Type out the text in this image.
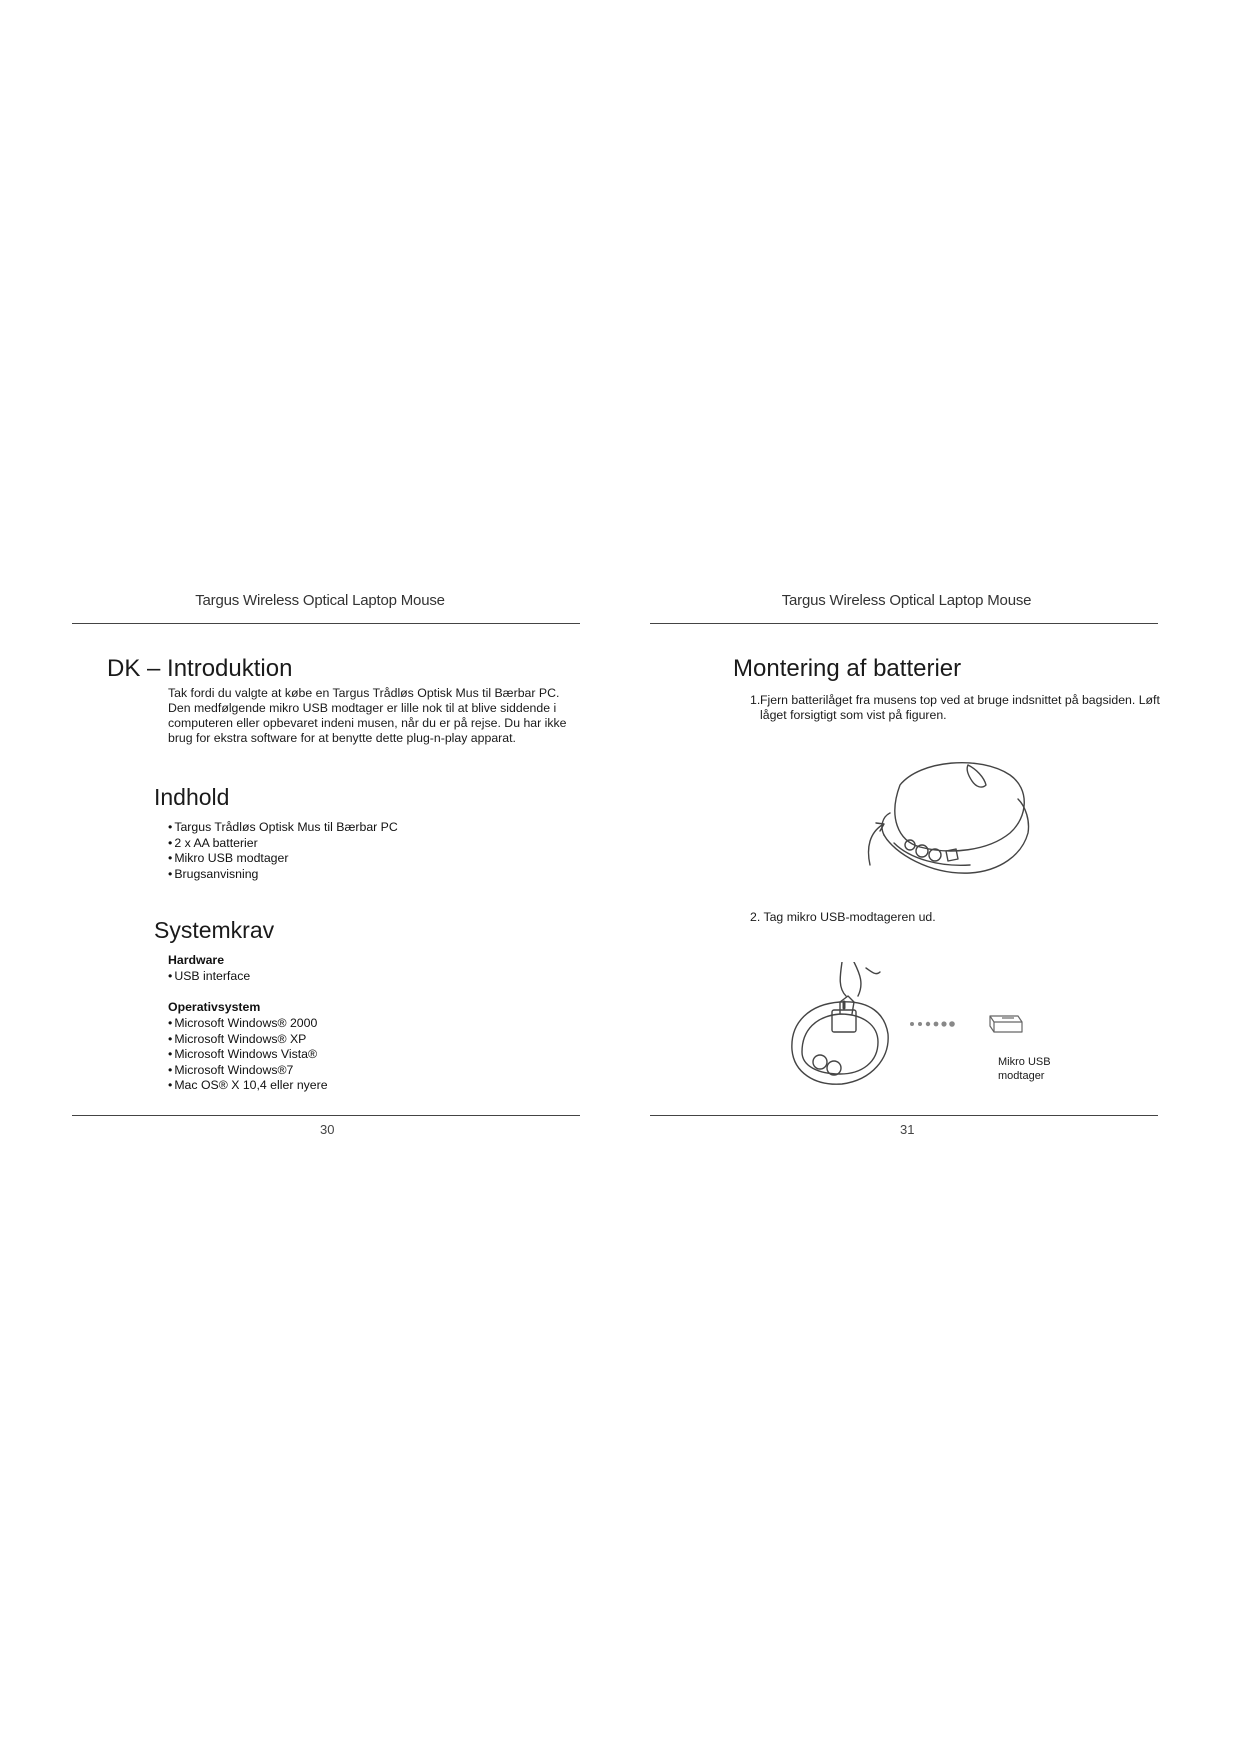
Targus Wireless Optical Laptop Mouse
DK – Introduktion
Tak fordi du valgte at købe en Targus Trådløs Optisk Mus til Bærbar PC.
Den medfølgende mikro USB modtager er lille nok til at blive siddende i
computeren eller opbevaret indeni musen, når du er på rejse. Du har ikke
brug for ekstra software for at benytte dette plug-n-play apparat.
Indhold
• Targus Trådløs Optisk Mus til Bærbar PC
• 2 x AA batterier
• Mikro USB modtager
• Brugsanvisning
Systemkrav
Hardware
• USB interface
Operativsystem
• Microsoft Windows® 2000
• Microsoft Windows® XP
• Microsoft Windows Vista®
• Microsoft Windows®7
• Mac OS® X 10,4 eller nyere
30
Targus Wireless Optical Laptop Mouse
Montering af batterier
1. Fjern batterilåget fra musens top ved at bruge indsnittet på bagsiden. Løft
låget forsigtigt som vist på figuren.
2. Tag mikro USB-modtageren ud.
Mikro USB
modtager
31
